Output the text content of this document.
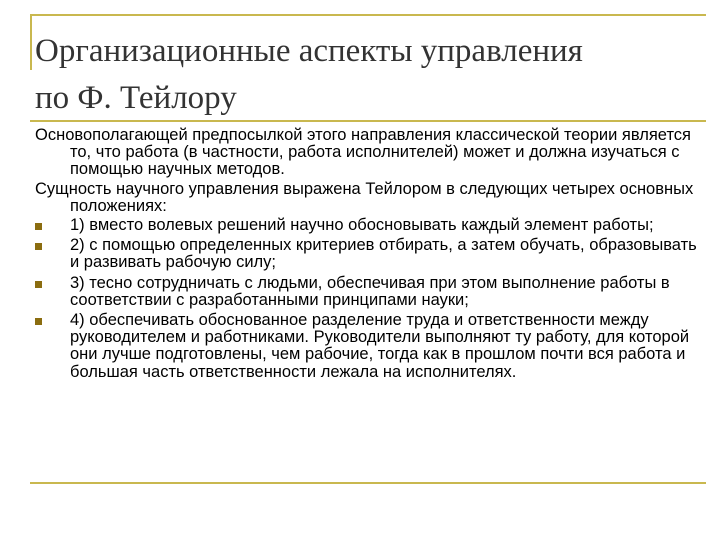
Организационные аспекты управления
по Ф. Тейлору

Основополагающей предпосылкой этого направления классической теории является то, что работа (в частности, работа исполнителей) может и должна изучаться с помощью научных методов.

Сущность научного управления выражена Тейлором в следующих четырех основных положениях:

1) вместо волевых решений научно обосновывать каждый элемент работы;
2) с помощью определенных критериев отбирать, а затем обучать, образовывать и развивать рабочую силу;
3) тесно сотрудничать с людьми, обеспечивая при этом выполнение работы в соответствии с разработанными принципами науки;
4) обеспечивать обоснованное разделение труда и ответственности между руководителем и работниками. Руководители выполняют ту работу, для которой они лучше подготовлены, чем рабочие, тогда как в прошлом почти вся работа и большая часть ответственности лежала на исполнителях.
